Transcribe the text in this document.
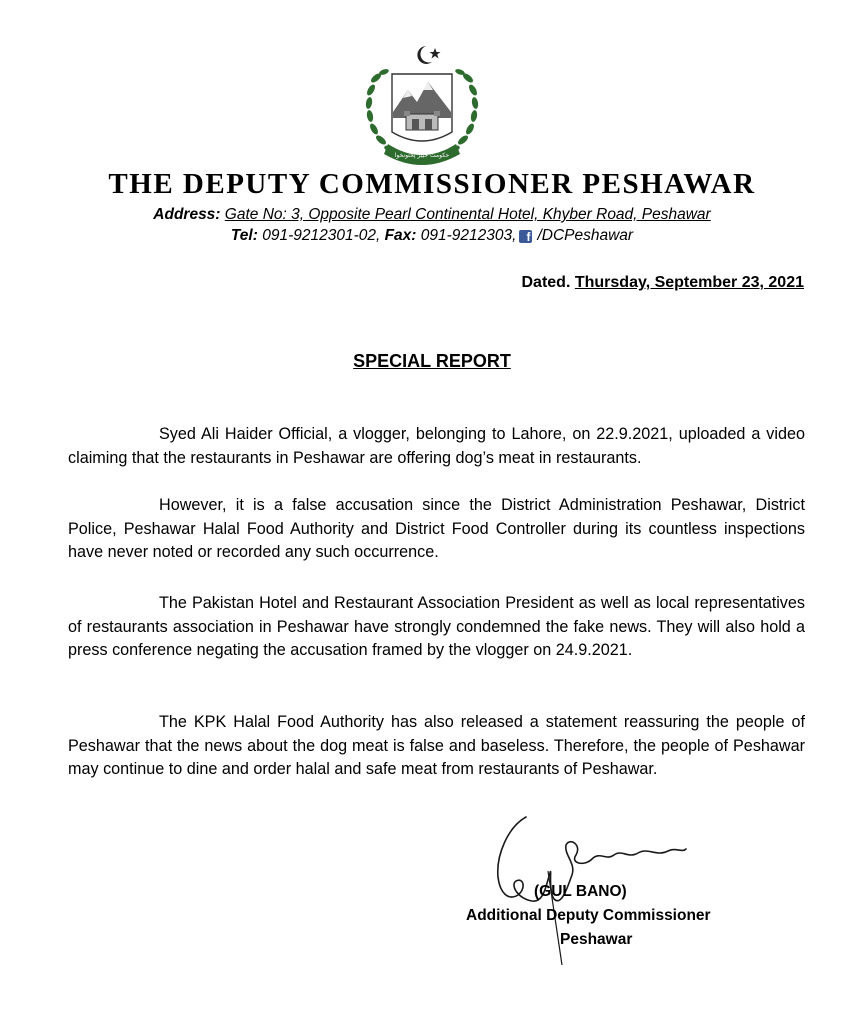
حکومت خیبر پختونخوا
THE DEPUTY COMMISSIONER PESHAWAR
Address: Gate No: 3, Opposite Pearl Continental Hotel, Khyber Road, Peshawar
Tel: 091-9212301-02, Fax: 091-9212303, f /DCPeshawar
Dated. Thursday, September 23, 2021
SPECIAL REPORT

Syed Ali Haider Official, a vlogger, belonging to Lahore, on 22.9.2021, uploaded a video claiming that the restaurants in Peshawar are offering dog’s meat in restaurants.

However, it is a false accusation since the District Administration Peshawar, District Police, Peshawar Halal Food Authority and District Food Controller during its countless inspections have never noted or recorded any such occurrence.

The Pakistan Hotel and Restaurant Association President as well as local representatives of restaurants association in Peshawar have strongly condemned the fake news. They will also hold a press conference negating the accusation framed by the vlogger on 24.9.2021.

The KPK Halal Food Authority has also released a statement reassuring the people of Peshawar that the news about the dog meat is false and baseless. Therefore, the people of Peshawar may continue to dine and order halal and safe meat from restaurants of Peshawar.

(GUL BANO)
Additional Deputy Commissioner
Peshawar
